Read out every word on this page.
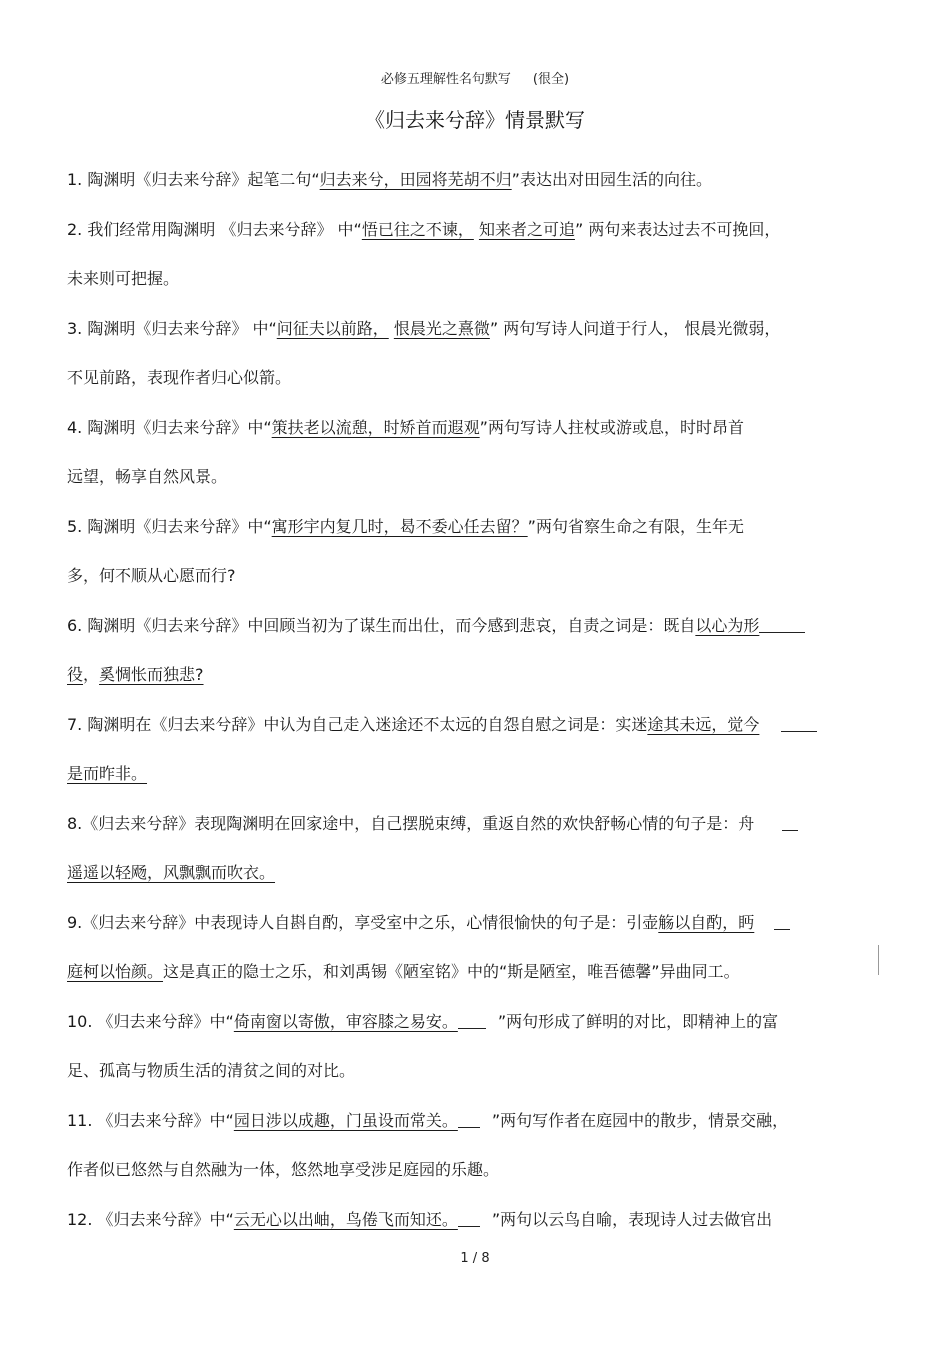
必修五理解性名句默写 (很全)
《归去来兮辞》情景默写
1. 陶渊明《归去来兮辞》起笔二句“归去来兮，田园将芜胡不归”表达出对田园生活的向往。
2. 我们经常用陶渊明 《归去来兮辞》 中“悟已往之不谏， 知来者之可追” 两句来表达过去不可挽回，
未来则可把握。
3. 陶渊明《归去来兮辞》 中“问征夫以前路， 恨晨光之熹微” 两句写诗人问道于行人， 恨晨光微弱，
不见前路，表现作者归心似箭。
4. 陶渊明《归去来兮辞》中“策扶老以流憩，时矫首而遐观”两句写诗人拄杖或游或息，时时昂首
远望，畅享自然风景。
5. 陶渊明《归去来兮辞》中“寓形宇内复几时，曷不委心任去留？”两句省察生命之有限，生年无
多，何不顺从心愿而行?
6. 陶渊明《归去来兮辞》中回顾当初为了谋生而出仕，而今感到悲哀，自责之词是：既自以心为形
役，奚惆怅而独悲?
7. 陶渊明在《归去来兮辞》中认为自己走入迷途还不太远的自怨自慰之词是：实迷途其未远，觉今
是而昨非。
8.《归去来兮辞》表现陶渊明在回家途中，自己摆脱束缚，重返自然的欢快舒畅心情的句子是：舟
遥遥以轻飏，风飘飘而吹衣。
9.《归去来兮辞》中表现诗人自斟自酌，享受室中之乐，心情很愉快的句子是：引壶觞以自酌，眄
庭柯以怡颜。这是真正的隐士之乐，和刘禹锡《陋室铭》中的“斯是陋室，唯吾德馨”异曲同工。
10. 《归去来兮辞》中“倚南窗以寄傲，审容膝之易安。	”两句形成了鲜明的对比，即精神上的富
足、孤高与物质生活的清贫之间的对比。
11. 《归去来兮辞》中“园日涉以成趣，门虽设而常关。 ”两句写作者在庭园中的散步，情景交融，
作者似已悠然与自然融为一体，悠然地享受涉足庭园的乐趣。
12. 《归去来兮辞》中“云无心以出岫，鸟倦飞而知还。 ”两句以云鸟自喻，表现诗人过去做官出
1 / 8
